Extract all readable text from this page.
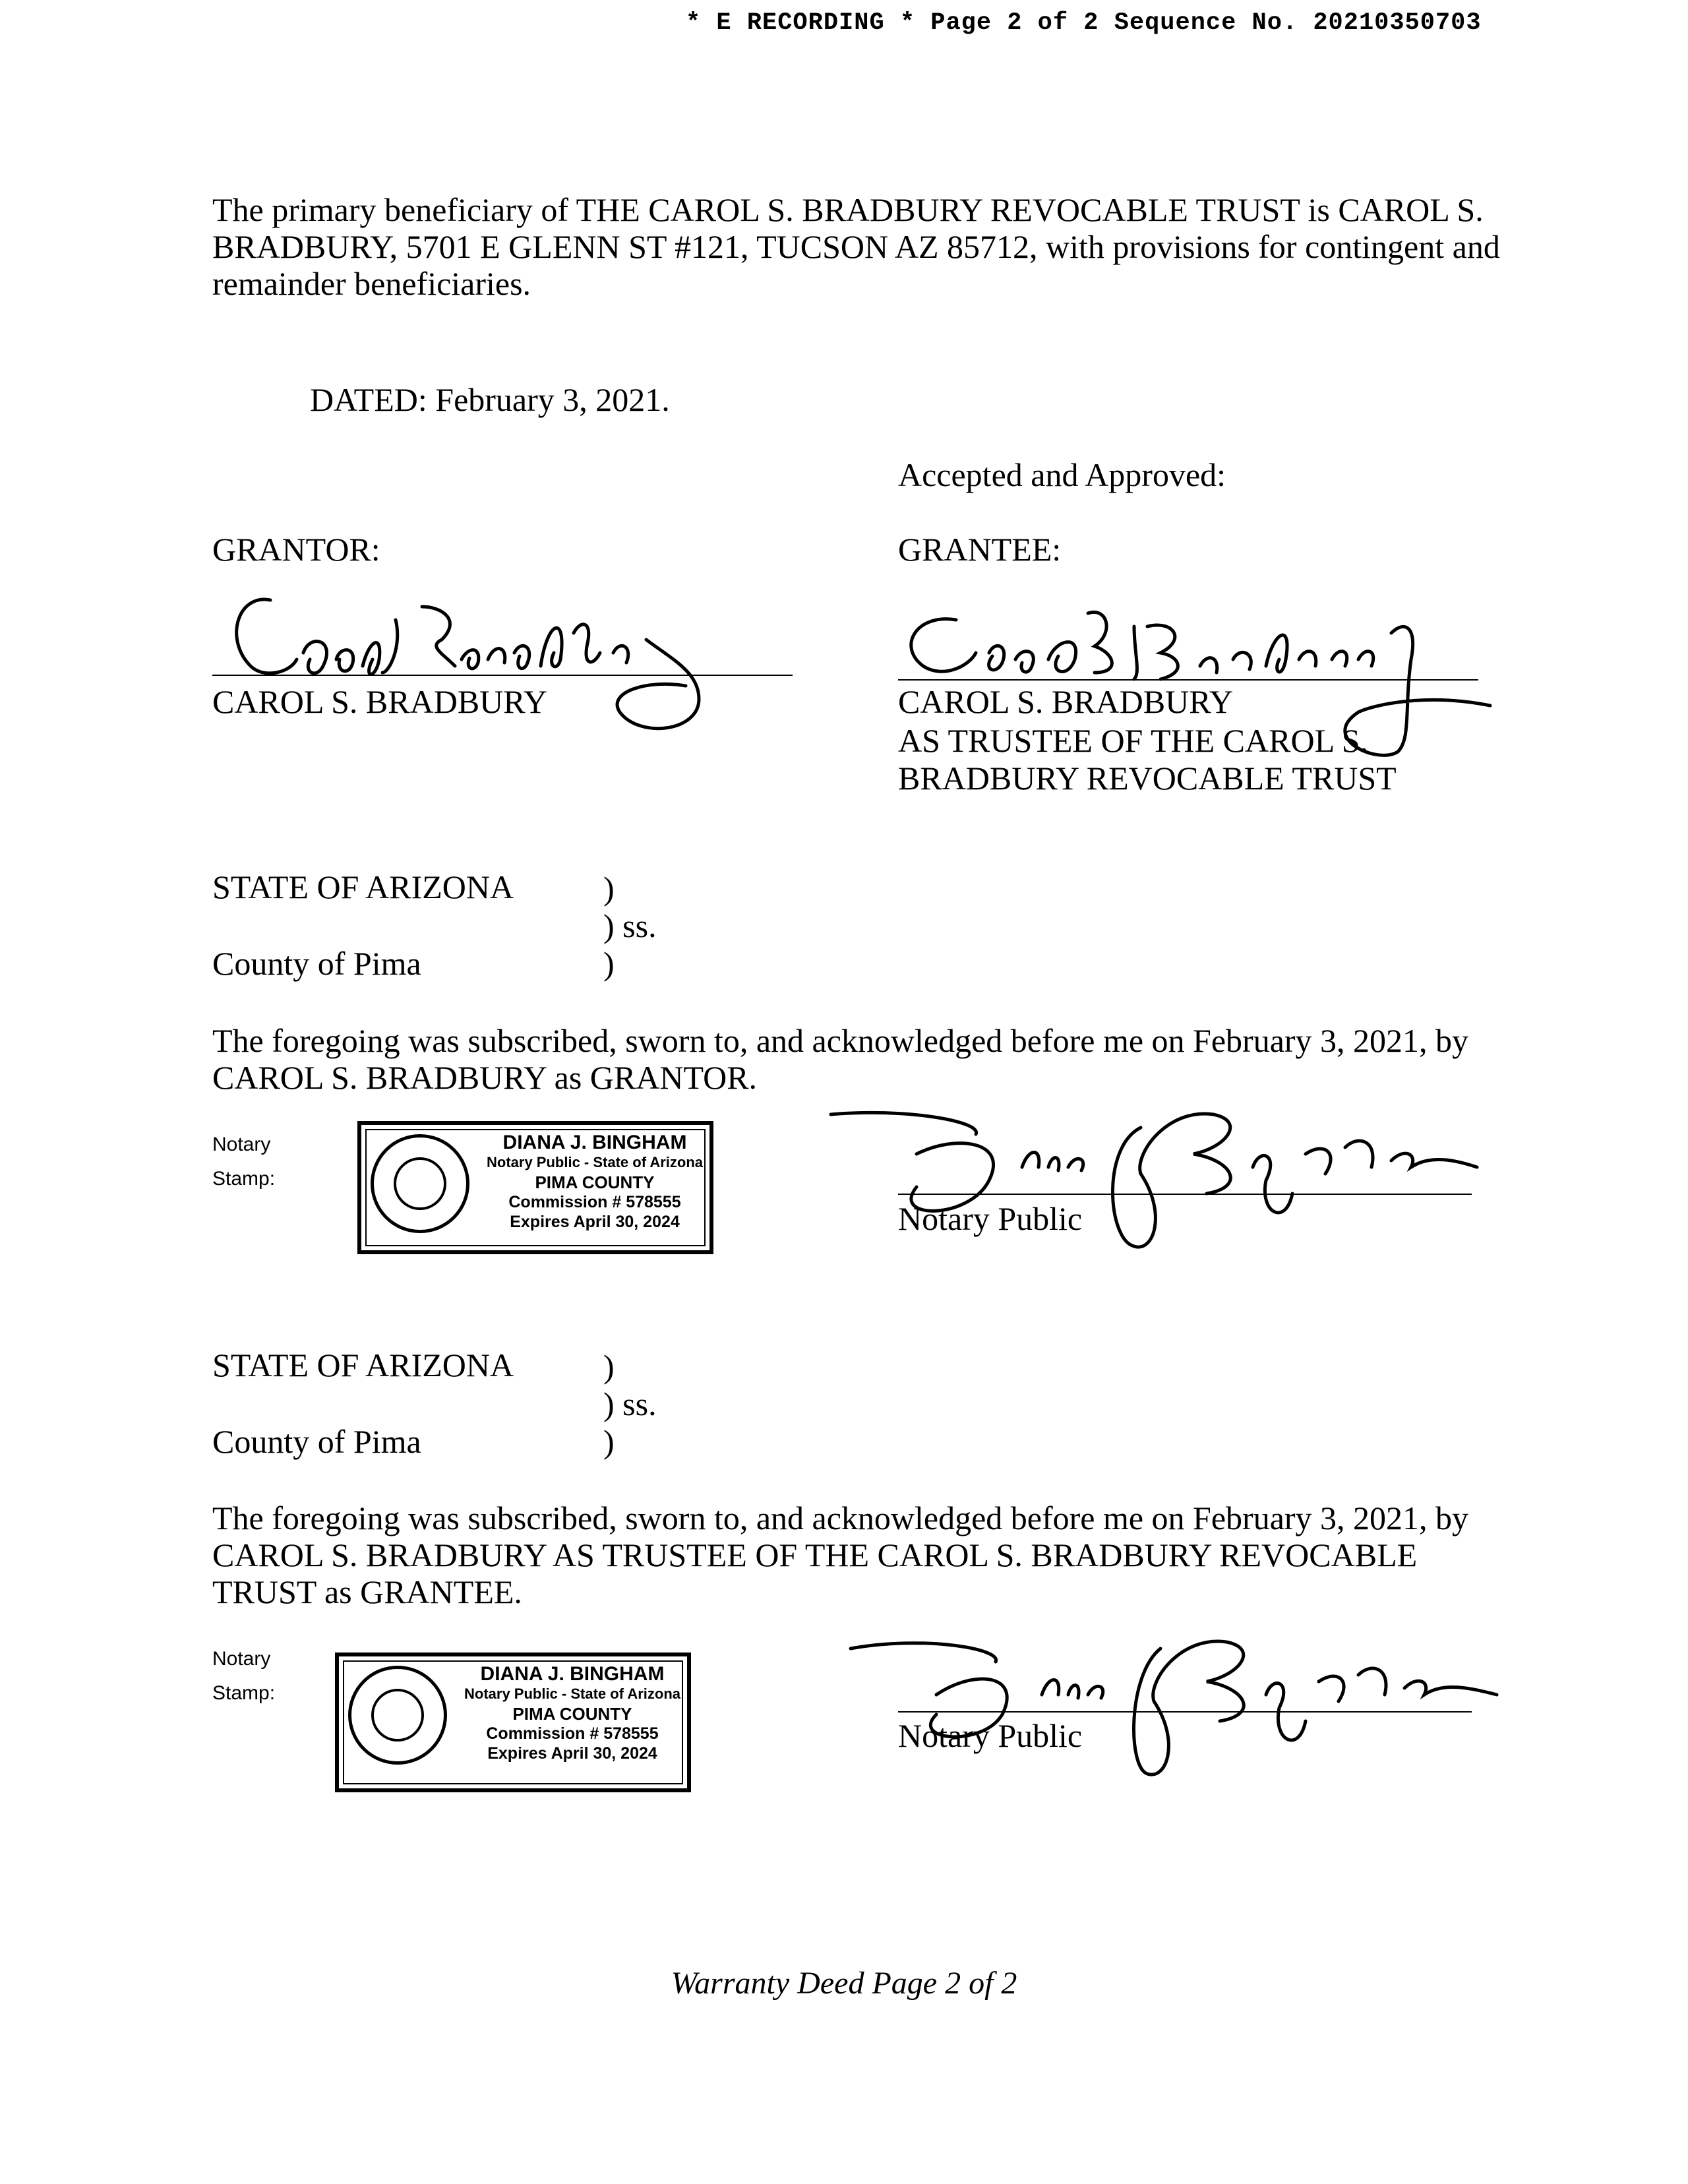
* E RECORDING * Page 2 of 2 Sequence No. 20210350703
The primary beneficiary of THE CAROL S. BRADBURY REVOCABLE TRUST is CAROL S. BRADBURY, 5701 E GLENN ST #121, TUCSON AZ 85712, with provisions for contingent and remainder beneficiaries.
DATED: February 3, 2021.
Accepted and Approved:
GRANTOR:
CAROL S. BRADBURY
GRANTEE:
CAROL S. BRADBURY
AS TRUSTEE OF THE CAROL S.
BRADBURY REVOCABLE TRUST
STATE OF ARIZONA	)
) ss.
County of Pima	)
The foregoing was subscribed, sworn to, and acknowledged before me on February 3, 2021, by CAROL S. BRADBURY as GRANTOR.
Notary
Stamp:
DIANA J. BINGHAM
Notary Public - State of Arizona
PIMA COUNTY
Commission # 578555
Expires April 30, 2024	Notary Public
STATE OF ARIZONA	)
) ss.
County of Pima	)
The foregoing was subscribed, sworn to, and acknowledged before me on February 3, 2021, by CAROL S. BRADBURY AS TRUSTEE OF THE CAROL S. BRADBURY REVOCABLE TRUST as GRANTEE.
Notary
Stamp:
DIANA J. BINGHAM
Notary Public - State of Arizona
PIMA COUNTY
Commission # 578555
Expires April 30, 2024	Notary Public
Warranty Deed Page 2 of 2
